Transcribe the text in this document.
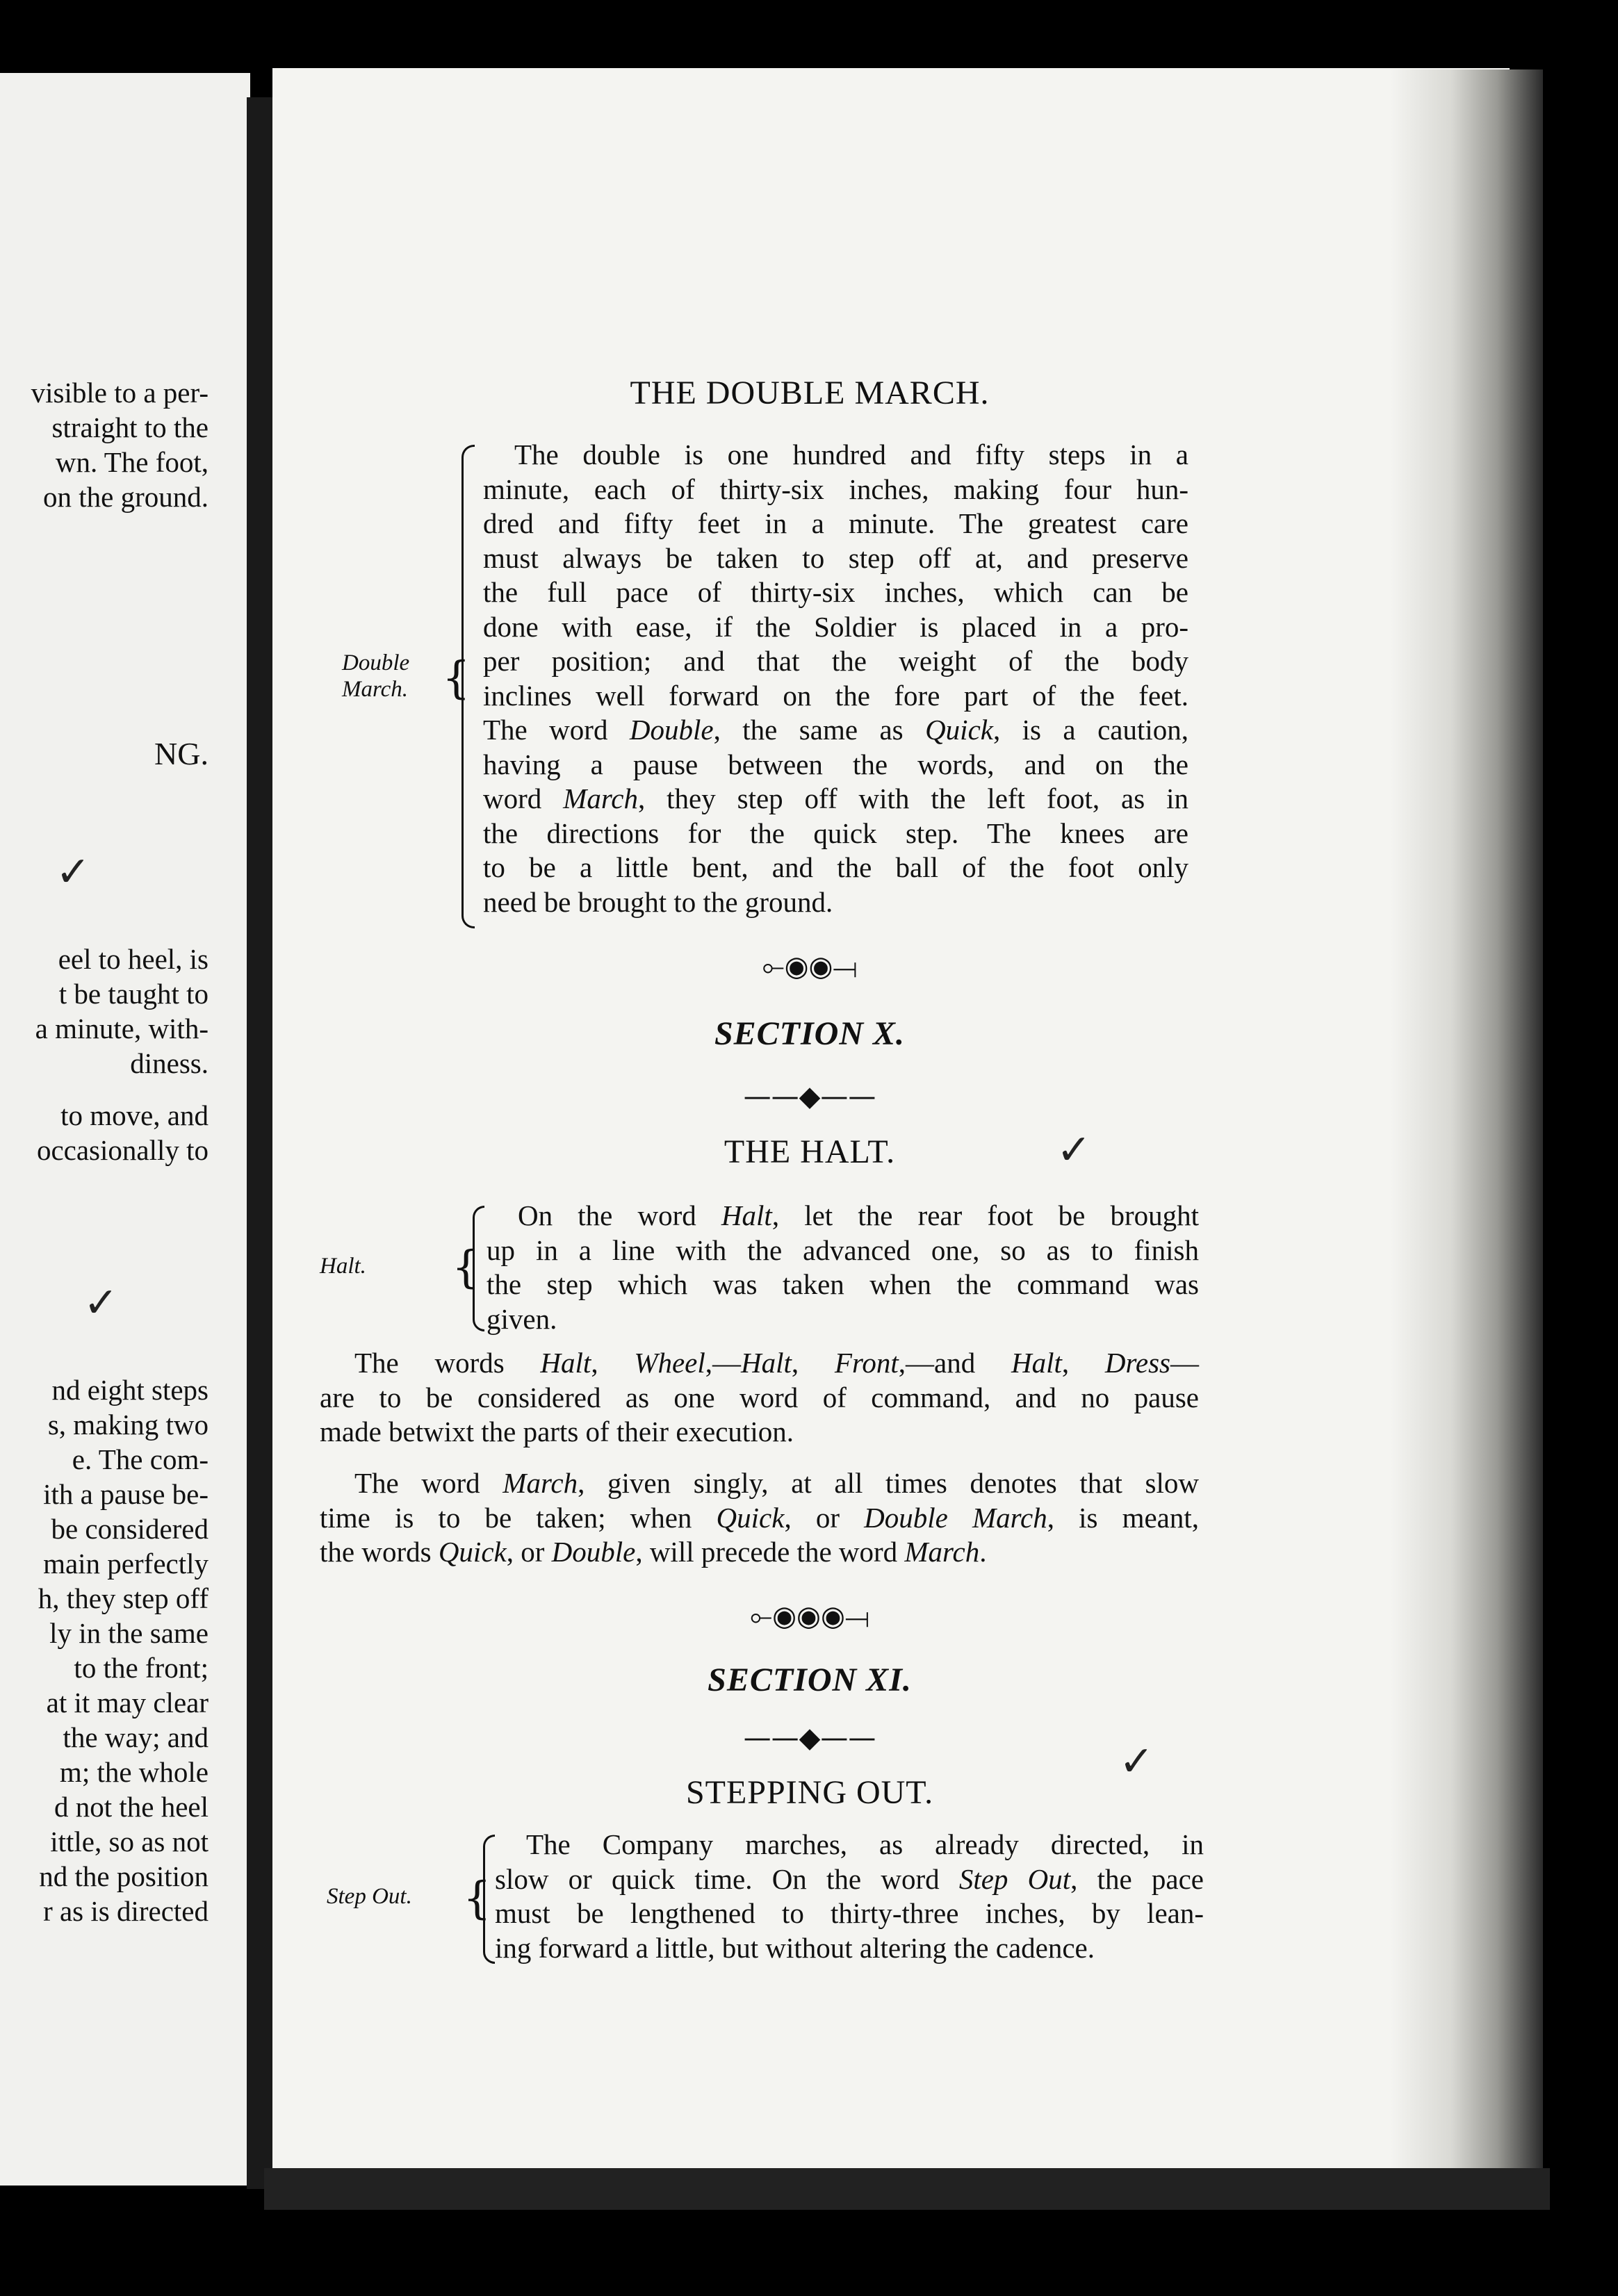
visible to a per-
straight to the
wn. The foot,
on the ground.
NG.
eel to heel, is
t be taught to
a minute, with-
diness.
to move, and
occasionally to
nd eight steps
s, making two
e. The com-
ith a pause be-
be considered
main perfectly
h, they step off
ly in the same
to the front;
at it may clear
the way; and
m; the whole
d not the heel
ittle, so as not
nd the position
r as is directed
✓
✓
✓
✓
THE DOUBLE MARCH.
{
Double
March.

The double is one hundred and fifty steps in a

minute, each of thirty-six inches, making four hun-

dred and fifty feet in a minute. The greatest care

must always be taken to step off at, and preserve

the full pace of thirty-six inches, which can be

done with ease, if the Soldier is placed in a pro-

per position; and that the weight of the body

inclines well forward on the fore part of the feet.

The word Double, the same as Quick, is a caution,

having a pause between the words, and on the

word March, they step off with the left foot, as in

the directions for the quick step. The knees are

to be a little bent, and the ball of the foot only

need be brought to the ground.

⟜◉◉⟞
SECTION X.
——◆——
THE HALT.
{
Halt.

On the word Halt, let the rear foot be brought

up in a line with the advanced one, so as to finish

the step which was taken when the command was

given.

The words Halt, Wheel,—Halt, Front,—and Halt, Dress—

are to be considered as one word of command, and no pause

made betwixt the parts of their execution.

The word March, given singly, at all times denotes that slow

time is to be taken; when Quick, or Double March, is meant,

the words Quick, or Double, will precede the word March.

⟜◉◉◉⟞
SECTION XI.
——◆——
STEPPING OUT.
{
Step Out.

The Company marches, as already directed, in

slow or quick time. On the word Step Out, the pace

must be lengthened to thirty-three inches, by lean-

ing forward a little, but without altering the cadence.
